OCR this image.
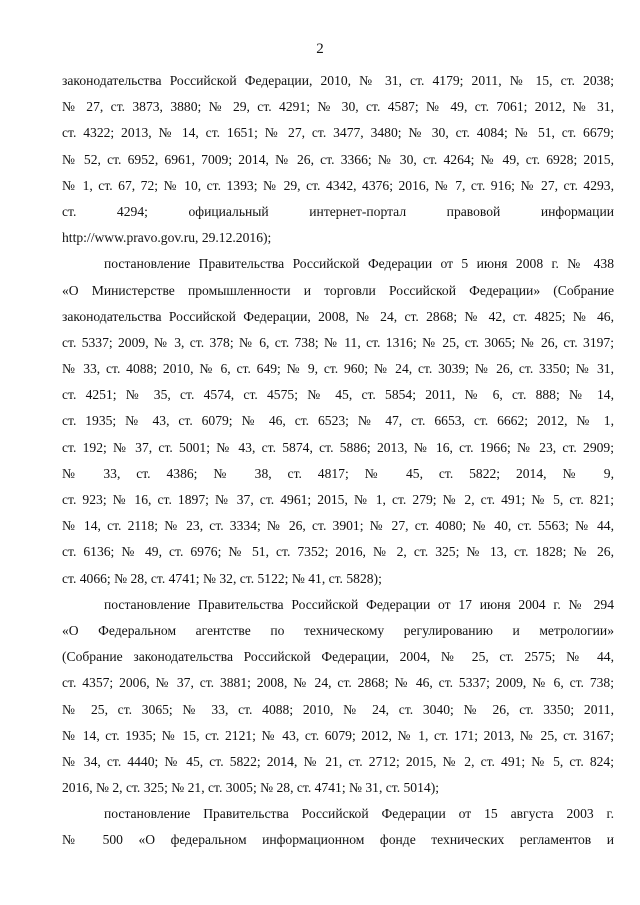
2
законодательства Российской Федерации, 2010, № 31, ст. 4179; 2011, № 15, ст. 2038;
№ 27, ст. 3873, 3880; № 29, ст. 4291; № 30, ст. 4587; № 49, ст. 7061; 2012, № 31,
ст. 4322; 2013, № 14, ст. 1651; № 27, ст. 3477, 3480; № 30, ст. 4084; № 51, ст. 6679;
№ 52, ст. 6952, 6961, 7009; 2014, № 26, ст. 3366; № 30, ст. 4264; № 49, ст. 6928; 2015,
№ 1, ст. 67, 72; № 10, ст. 1393; № 29, ст. 4342, 4376; 2016, № 7, ст. 916; № 27, ст. 4293,
ст. 4294; официальный интернет-портал правовой информации
http://www.pravo.gov.ru, 29.12.2016);
постановление Правительства Российской Федерации от 5 июня 2008 г. № 438
«О Министерстве промышленности и торговли Российской Федерации» (Собрание
законодательства Российской Федерации, 2008, № 24, ст. 2868; № 42, ст. 4825; № 46,
ст. 5337; 2009, № 3, ст. 378; № 6, ст. 738; № 11, ст. 1316; № 25, ст. 3065; № 26, ст. 3197;
№ 33, ст. 4088; 2010, № 6, ст. 649; № 9, ст. 960; № 24, ст. 3039; № 26, ст. 3350; № 31,
ст. 4251; № 35, ст. 4574, ст. 4575; № 45, ст. 5854; 2011, № 6, ст. 888; № 14,
ст. 1935; № 43, ст. 6079; № 46, ст. 6523; № 47, ст. 6653, ст. 6662; 2012, № 1,
ст. 192; № 37, ст. 5001; № 43, ст. 5874, ст. 5886; 2013, № 16, ст. 1966; № 23, ст. 2909;
№ 33, ст. 4386; № 38, ст. 4817; № 45, ст. 5822; 2014, № 9,
ст. 923; № 16, ст. 1897; № 37, ст. 4961; 2015, № 1, ст. 279; № 2, ст. 491; № 5, ст. 821;
№ 14, ст. 2118; № 23, ст. 3334; № 26, ст. 3901; № 27, ст. 4080; № 40, ст. 5563; № 44,
ст. 6136; № 49, ст. 6976; № 51, ст. 7352; 2016, № 2, ст. 325; № 13, ст. 1828; № 26,
ст. 4066; № 28, ст. 4741; № 32, ст. 5122; № 41, ст. 5828);
постановление Правительства Российской Федерации от 17 июня 2004 г. № 294
«О Федеральном агентстве по техническому регулированию и метрологии»
(Собрание законодательства Российской Федерации, 2004, № 25, ст. 2575; № 44,
ст. 4357; 2006, № 37, ст. 3881; 2008, № 24, ст. 2868; № 46, ст. 5337; 2009, № 6, ст. 738;
№ 25, ст. 3065; № 33, ст. 4088; 2010, № 24, ст. 3040; № 26, ст. 3350; 2011,
№ 14, ст. 1935; № 15, ст. 2121; № 43, ст. 6079; 2012, № 1, ст. 171; 2013, № 25, ст. 3167;
№ 34, ст. 4440; № 45, ст. 5822; 2014, № 21, ст. 2712; 2015, № 2, ст. 491; № 5, ст. 824;
2016, № 2, ст. 325; № 21, ст. 3005; № 28, ст. 4741; № 31, ст. 5014);
постановление Правительства Российской Федерации от 15 августа 2003 г.
№ 500 «О федеральном информационном фонде технических регламентов и
